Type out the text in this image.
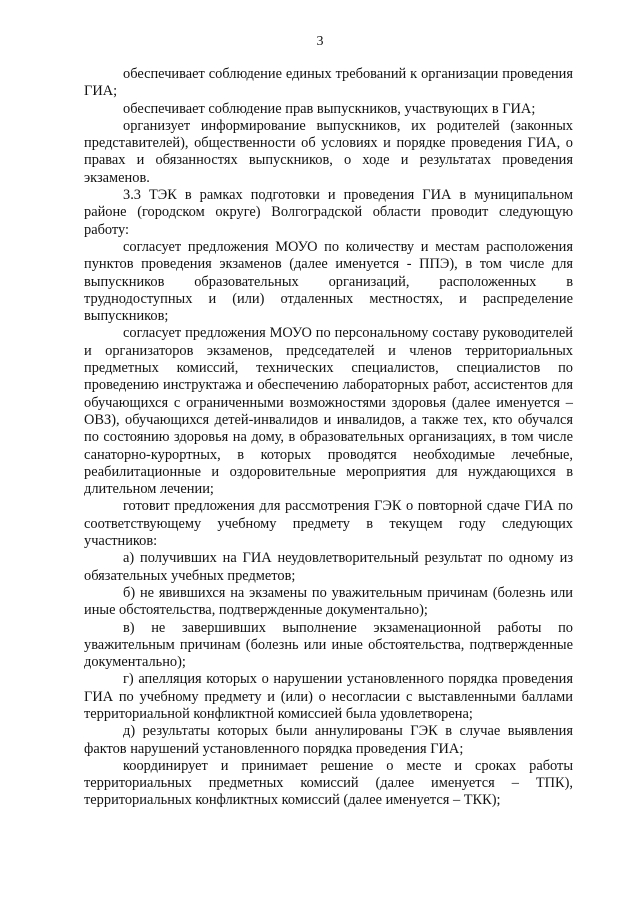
3

обеспечивает соблюдение единых требований к организации проведения ГИА;

обеспечивает соблюдение прав выпускников, участвующих в ГИА;

организует информирование выпускников, их родителей (законных представителей), общественности об условиях и порядке проведения ГИА, о правах и обязанностях выпускников, о ходе и результатах проведения экзаменов.

3.3 ТЭК в рамках подготовки и проведения ГИА в муниципальном районе (городском округе) Волгоградской области проводит следующую работу:

согласует предложения МОУО по количеству и местам расположения пунктов проведения экзаменов (далее именуется - ППЭ), в том числе для выпускников образовательных организаций, расположенных в труднодоступных и (или) отдаленных местностях, и распределение выпускников;

согласует предложения МОУО по персональному составу руководителей и организаторов экзаменов, председателей и членов территориальных предметных комиссий, технических специалистов, специалистов по проведению инструктажа и обеспечению лабораторных работ, ассистентов для обучающихся с ограниченными возможностями здоровья (далее именуется – ОВЗ), обучающихся детей-инвалидов и инвалидов, а также тех, кто обучался по состоянию здоровья на дому, в образовательных организациях, в том числе санаторно-курортных, в которых проводятся необходимые лечебные, реабилитационные и оздоровительные мероприятия для нуждающихся в длительном лечении;

готовит предложения для рассмотрения ГЭК о повторной сдаче ГИА по соответствующему учебному предмету в текущем году следующих участников:

а) получивших на ГИА неудовлетворительный результат по одному из обязательных учебных предметов;

б) не явившихся на экзамены по уважительным причинам (болезнь или иные обстоятельства, подтвержденные документально);

в) не завершивших выполнение экзаменационной работы по уважительным причинам (болезнь или иные обстоятельства, подтвержденные документально);

г) апелляция которых о нарушении установленного порядка проведения ГИА по учебному предмету и (или) о несогласии с выставленными баллами территориальной конфликтной комиссией была удовлетворена;

д) результаты которых были аннулированы ГЭК в случае выявления фактов нарушений установленного порядка проведения ГИА;

координирует и принимает решение о месте и сроках работы территориальных предметных комиссий (далее именуется – ТПК), территориальных конфликтных комиссий (далее именуется – ТКК);
